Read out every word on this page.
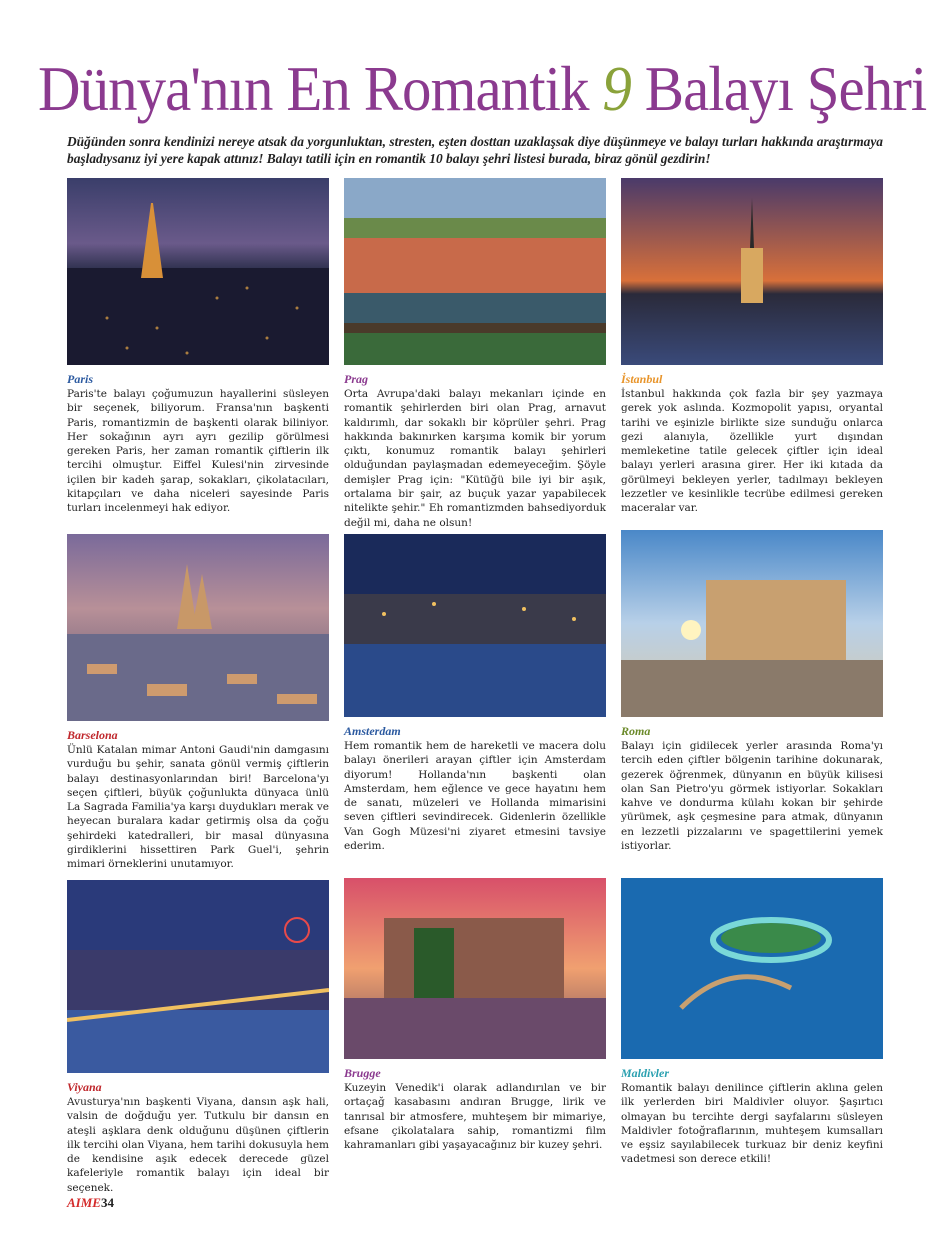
Dünya'nın En Romantik 9 Balayı Şehri
Düğünden sonra kendinizi nereye atsak da yorgunluktan, stresten, eşten dosttan uzaklaşsak diye düşünmeye ve balayı turları hakkında araştırmaya başladıysanız iyi yere kapak attınız! Balayı tatili için en romantik 10 balayı şehri listesi burada, biraz gönül gezdirin!
Paris
Paris'te balayı çoğumuzun hayallerini süsleyen bir seçenek, biliyorum. Fransa'nın başkenti Paris, romantizmin de başkenti olarak biliniyor. Her sokağının ayrı ayrı gezilip görülmesi gereken Paris, her zaman romantik çiftlerin ilk tercihi olmuştur. Eiffel Kulesi'nin zirvesinde içilen bir kadeh şarap, sokakları, çikolatacıları, kitapçıları ve daha niceleri sayesinde Paris turları incelenmeyi hak ediyor.
Prag
Orta Avrupa'daki balayı mekanları içinde en romantik şehirlerden biri olan Prag, arnavut kaldırımlı, dar sokaklı bir köprüler şehri. Prag hakkında bakınırken karşıma komik bir yorum çıktı, konumuz romantik balayı şehirleri olduğundan paylaşmadan edemeyeceğim. Şöyle demişler Prag için: "Kütüğü bile iyi bir aşık, ortalama bir şair, az buçuk yazar yapabilecek nitelikte şehir." Eh romantizmden bahsediyorduk değil mi, daha ne olsun!
İstanbul
İstanbul hakkında çok fazla bir şey yazmaya gerek yok aslında. Kozmopolit yapısı, oryantal tarihi ve eşinizle birlikte size sunduğu onlarca gezi alanıyla, özellikle yurt dışından memleketine tatile gelecek çiftler için ideal balayı yerleri arasına girer. Her iki kıtada da görülmeyi bekleyen yerler, tadılmayı bekleyen lezzetler ve kesinlikle tecrübe edilmesi gereken maceralar var.
Barselona
Ünlü Katalan mimar Antoni Gaudi'nin damgasını vurduğu bu şehir, sanata gönül vermiş çiftlerin balayı destinasyonlarından biri! Barcelona'yı seçen çiftleri, büyük çoğunlukta dünyaca ünlü La Sagrada Familia'ya karşı duydukları merak ve heyecan buralara kadar getirmiş olsa da çoğu şehirdeki katedralleri, bir masal dünyasına girdiklerini hissettiren Park Guel'i, şehrin mimari örneklerini unutamıyor.
Amsterdam
Hem romantik hem de hareketli ve macera dolu balayı önerileri arayan çiftler için Amsterdam diyorum! Hollanda'nın başkenti olan Amsterdam, hem eğlence ve gece hayatını hem de sanatı, müzeleri ve Hollanda mimarisini seven çiftleri sevindirecek. Gidenlerin özellikle Van Gogh Müzesi'ni ziyaret etmesini tavsiye ederim.
Roma
Balayı için gidilecek yerler arasında Roma'yı tercih eden çiftler bölgenin tarihine dokunarak, gezerek öğrenmek, dünyanın en büyük kilisesi olan San Pietro'yu görmek istiyorlar. Sokakları kahve ve dondurma külahı kokan bir şehirde yürümek, aşk çeşmesine para atmak, dünyanın en lezzetli pizzalarını ve spagettilerini yemek istiyorlar.
Viyana
Avusturya'nın başkenti Viyana, dansın aşk hali, valsin de doğduğu yer. Tutkulu bir dansın en ateşli aşklara denk olduğunu düşünen çiftlerin ilk tercihi olan Viyana, hem tarihi dokusuyla hem de kendisine aşık edecek derecede güzel kafeleriyle romantik balayı için ideal bir seçenek.
Brugge
Kuzeyin Venedik'i olarak adlandırılan ve bir ortaçağ kasabasını andıran Brugge, lirik ve tanrısal bir atmosfere, muhteşem bir mimariye, efsane çikolatalara sahip, romantizmi film kahramanları gibi yaşayacağınız bir kuzey şehri.
Maldivler
Romantik balayı denilince çiftlerin aklına gelen ilk yerlerden biri Maldivler oluyor. Şaşırtıcı olmayan bu tercihte dergi sayfalarını süsleyen Maldivler fotoğraflarının, muhteşem kumsalları ve eşsiz sayılabilecek turkuaz bir deniz keyfini vadetmesi son derece etkili!
AIME34
